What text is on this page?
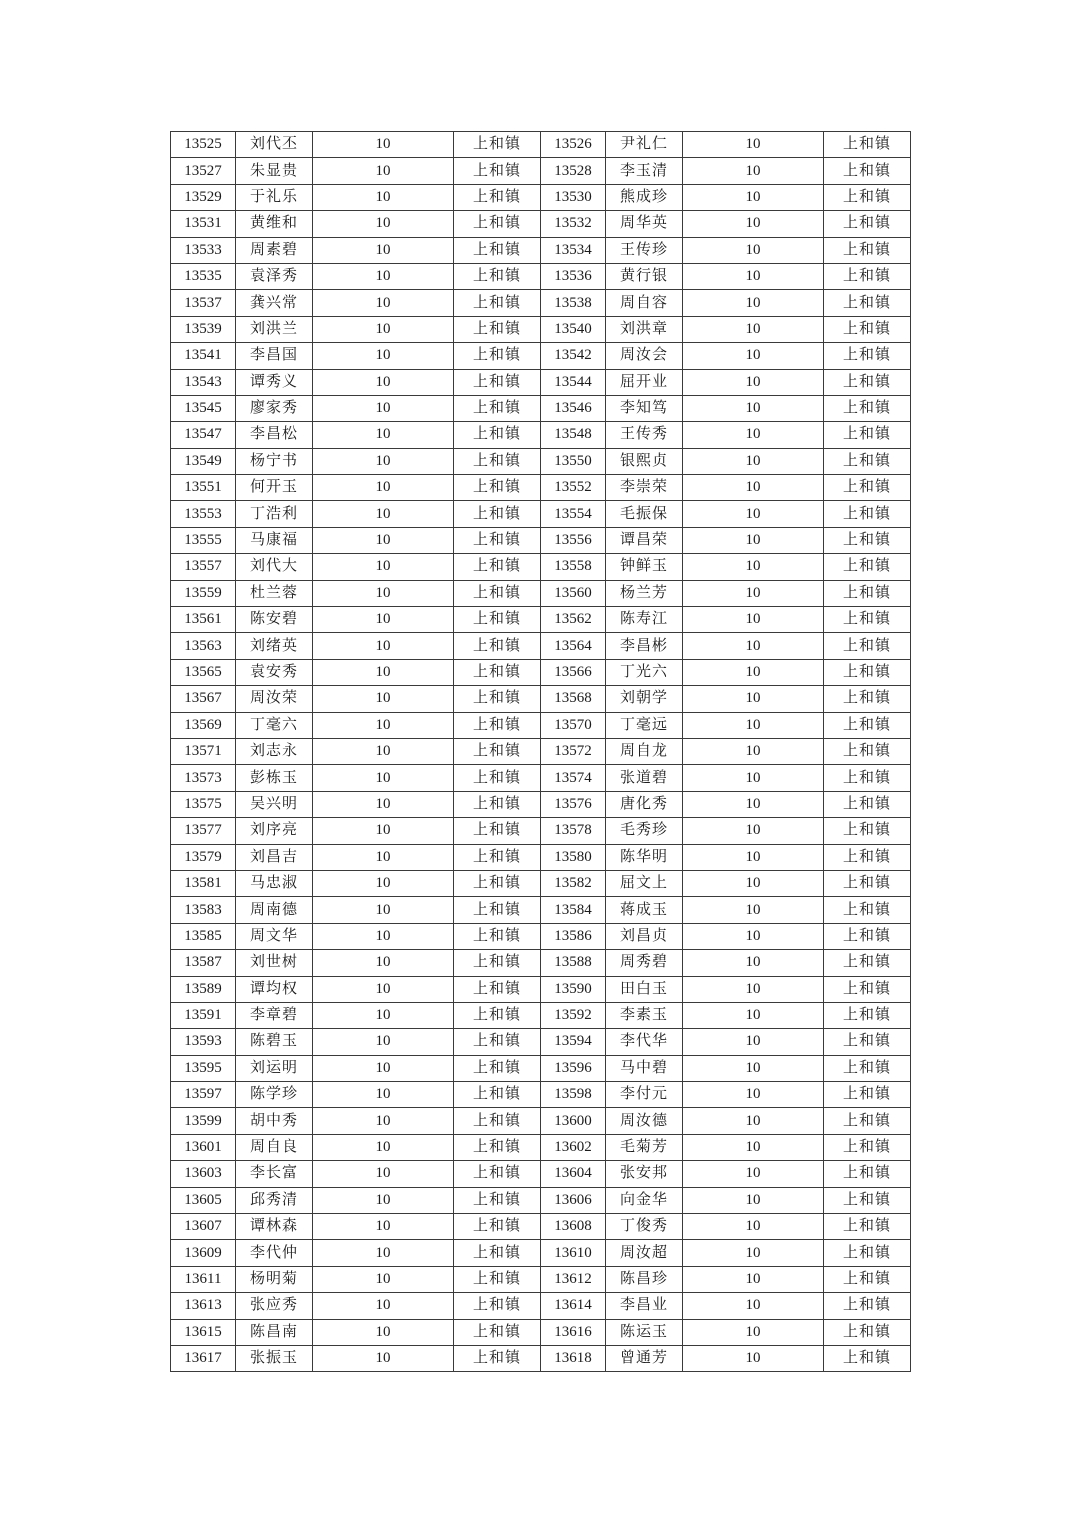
13525	刘代丕	10	上和镇	13526	尹礼仁	10	上和镇
13527	朱显贵	10	上和镇	13528	李玉清	10	上和镇
13529	于礼乐	10	上和镇	13530	熊成珍	10	上和镇
13531	黄维和	10	上和镇	13532	周华英	10	上和镇
13533	周素碧	10	上和镇	13534	王传珍	10	上和镇
13535	袁泽秀	10	上和镇	13536	黄行银	10	上和镇
13537	龚兴常	10	上和镇	13538	周自容	10	上和镇
13539	刘洪兰	10	上和镇	13540	刘洪章	10	上和镇
13541	李昌国	10	上和镇	13542	周汝会	10	上和镇
13543	谭秀义	10	上和镇	13544	屈开业	10	上和镇
13545	廖家秀	10	上和镇	13546	李知笃	10	上和镇
13547	李昌松	10	上和镇	13548	王传秀	10	上和镇
13549	杨宁书	10	上和镇	13550	银熙贞	10	上和镇
13551	何开玉	10	上和镇	13552	李崇荣	10	上和镇
13553	丁浩利	10	上和镇	13554	毛振保	10	上和镇
13555	马康福	10	上和镇	13556	谭昌荣	10	上和镇
13557	刘代大	10	上和镇	13558	钟鲜玉	10	上和镇
13559	杜兰蓉	10	上和镇	13560	杨兰芳	10	上和镇
13561	陈安碧	10	上和镇	13562	陈寿江	10	上和镇
13563	刘绪英	10	上和镇	13564	李昌彬	10	上和镇
13565	袁安秀	10	上和镇	13566	丁光六	10	上和镇
13567	周汝荣	10	上和镇	13568	刘朝学	10	上和镇
13569	丁毫六	10	上和镇	13570	丁毫远	10	上和镇
13571	刘志永	10	上和镇	13572	周自龙	10	上和镇
13573	彭栋玉	10	上和镇	13574	张道碧	10	上和镇
13575	吴兴明	10	上和镇	13576	唐化秀	10	上和镇
13577	刘序亮	10	上和镇	13578	毛秀珍	10	上和镇
13579	刘昌吉	10	上和镇	13580	陈华明	10	上和镇
13581	马忠淑	10	上和镇	13582	屈文上	10	上和镇
13583	周南德	10	上和镇	13584	蒋成玉	10	上和镇
13585	周文华	10	上和镇	13586	刘昌贞	10	上和镇
13587	刘世树	10	上和镇	13588	周秀碧	10	上和镇
13589	谭均权	10	上和镇	13590	田白玉	10	上和镇
13591	李章碧	10	上和镇	13592	李素玉	10	上和镇
13593	陈碧玉	10	上和镇	13594	李代华	10	上和镇
13595	刘运明	10	上和镇	13596	马中碧	10	上和镇
13597	陈学珍	10	上和镇	13598	李付元	10	上和镇
13599	胡中秀	10	上和镇	13600	周汝德	10	上和镇
13601	周自良	10	上和镇	13602	毛菊芳	10	上和镇
13603	李长富	10	上和镇	13604	张安邦	10	上和镇
13605	邱秀清	10	上和镇	13606	向金华	10	上和镇
13607	谭林森	10	上和镇	13608	丁俊秀	10	上和镇
13609	李代仲	10	上和镇	13610	周汝超	10	上和镇
13611	杨明菊	10	上和镇	13612	陈昌珍	10	上和镇
13613	张应秀	10	上和镇	13614	李昌业	10	上和镇
13615	陈昌南	10	上和镇	13616	陈运玉	10	上和镇
13617	张振玉	10	上和镇	13618	曾通芳	10	上和镇
